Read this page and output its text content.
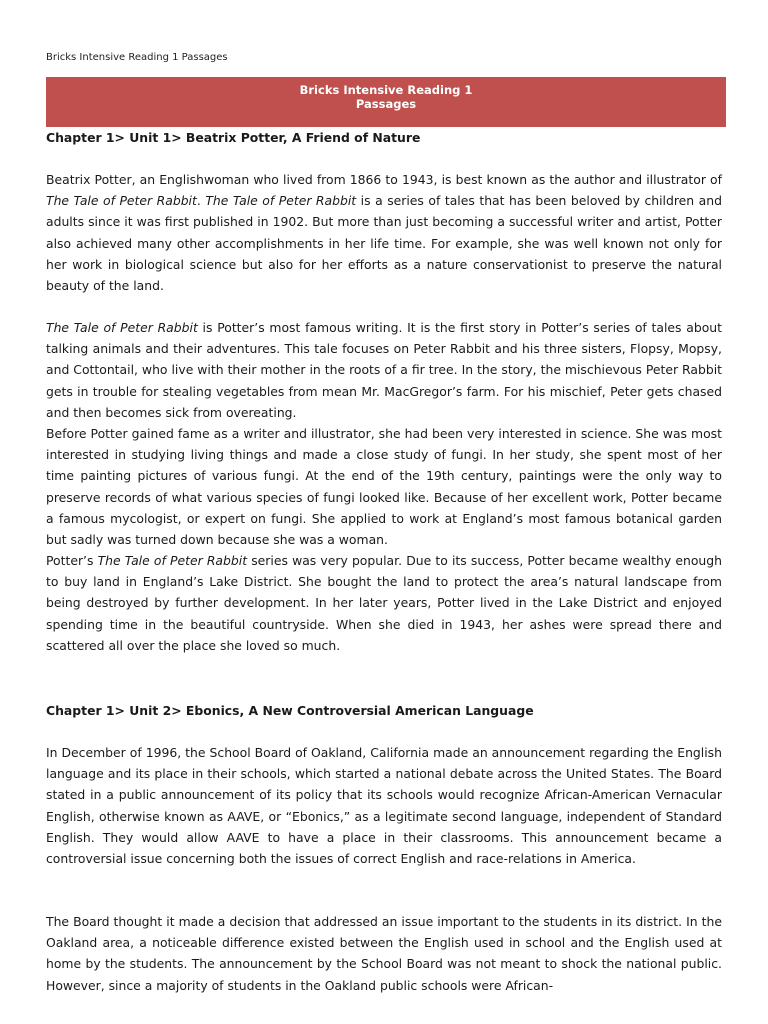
Bricks Intensive Reading 1 Passages
Bricks Intensive Reading 1
Passages
Chapter 1> Unit 1> Beatrix Potter, A Friend of Nature

Beatrix Potter, an Englishwoman who lived from 1866 to 1943, is best known as the author and illustrator of The Tale of Peter Rabbit. The Tale of Peter Rabbit is a series of tales that has been beloved by children and adults since it was first published in 1902. But more than just becoming a successful writer and artist, Potter also achieved many other accomplishments in her life time. For example, she was well known not only for her work in biological science but also for her efforts as a nature conservationist to preserve the natural beauty of the land.

The Tale of Peter Rabbit is Potter’s most famous writing. It is the first story in Potter’s series of tales about talking animals and their adventures. This tale focuses on Peter Rabbit and his three sisters, Flopsy, Mopsy, and Cottontail, who live with their mother in the roots of a fir tree. In the story, the mischievous Peter Rabbit gets in trouble for stealing vegetables from mean Mr. MacGregor’s farm. For his mischief, Peter gets chased and then becomes sick from overeating.

Before Potter gained fame as a writer and illustrator, she had been very interested in science. She was most interested in studying living things and made a close study of fungi. In her study, she spent most of her time painting pictures of various fungi. At the end of the 19th century, paintings were the only way to preserve records of what various species of fungi looked like. Because of her excellent work, Potter became a famous mycologist, or expert on fungi. She applied to work at England’s most famous botanical garden but sadly was turned down because she was a woman.

Potter’s The Tale of Peter Rabbit series was very popular. Due to its success, Potter became wealthy enough to buy land in England’s Lake District. She bought the land to protect the area’s natural landscape from being destroyed by further development. In her later years, Potter lived in the Lake District and enjoyed spending time in the beautiful countryside. When she died in 1943, her ashes were spread there and scattered all over the place she loved so much.

Chapter 1> Unit 2> Ebonics, A New Controversial American Language

In December of 1996, the School Board of Oakland, California made an announcement regarding the English language and its place in their schools, which started a national debate across the United States. The Board stated in a public announcement of its policy that its schools would recognize African-American Vernacular English, otherwise known as AAVE, or “Ebonics,” as a legitimate second language, independent of Standard English. They would allow AAVE to have a place in their classrooms. This announcement became a controversial issue concerning both the issues of correct English and race-relations in America.

The Board thought it made a decision that addressed an issue important to the students in its district. In the Oakland area, a noticeable difference existed between the English used in school and the English used at home by the students. The announcement by the School Board was not meant to shock the national public. However, since a majority of students in the Oakland public schools were African-
